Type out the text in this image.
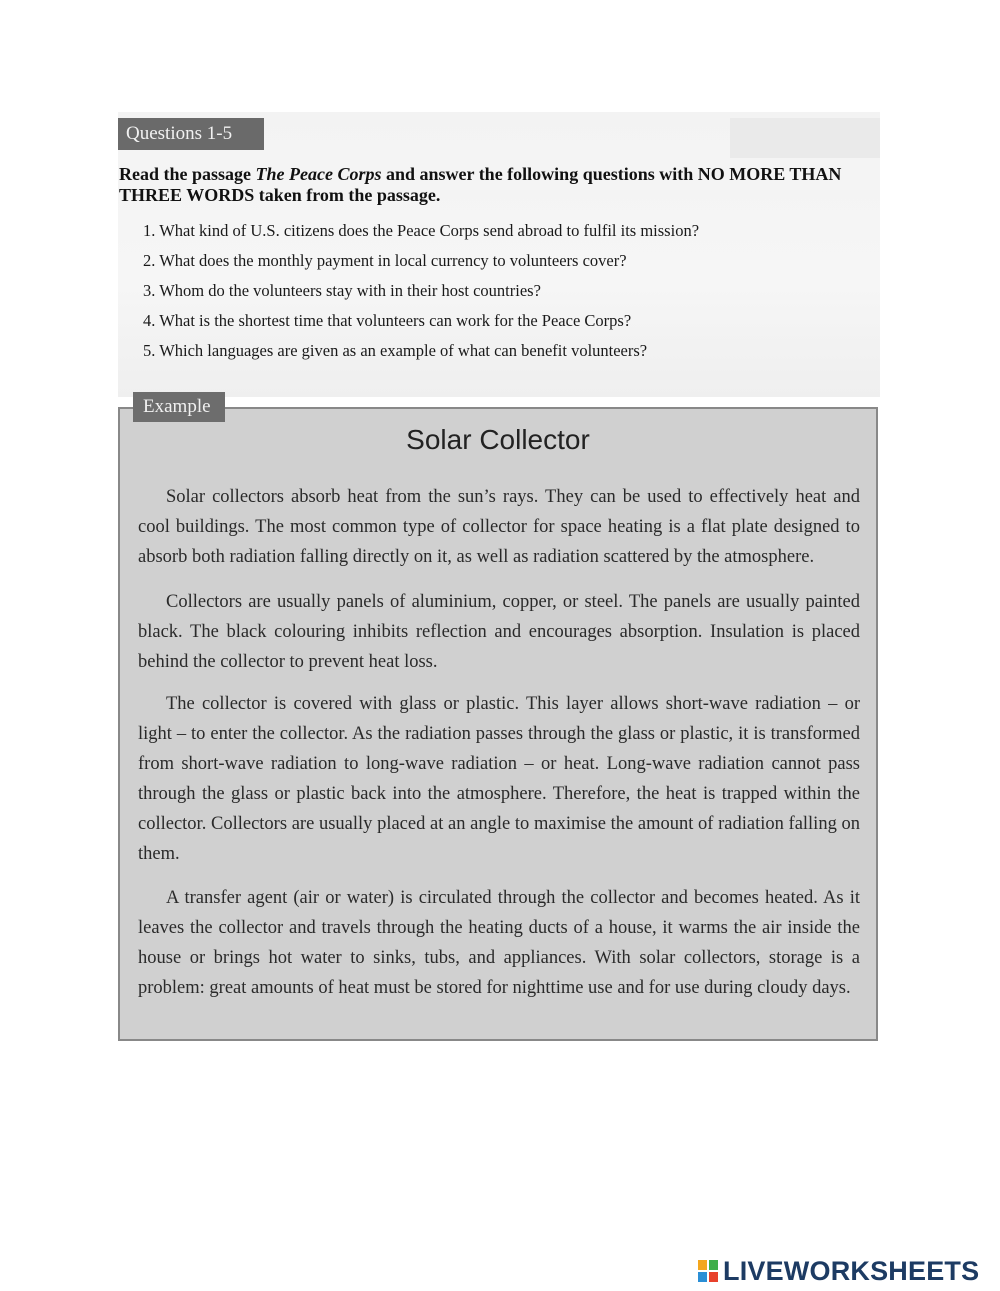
Questions 1-5
Read the passage The Peace Corps and answer the following questions with NO MORE THAN THREE WORDS taken from the passage.
1. What kind of U.S. citizens does the Peace Corps send abroad to fulfil its mission?
2. What does the monthly payment in local currency to volunteers cover?
3. Whom do the volunteers stay with in their host countries?
4. What is the shortest time that volunteers can work for the Peace Corps?
5. Which languages are given as an example of what can benefit volunteers?
Example
Solar Collector

Solar collectors absorb heat from the sun’s rays. They can be used to effectively heat and cool buildings. The most common type of collector for space heating is a flat plate designed to absorb both radiation falling directly on it, as well as radiation scattered by the atmosphere.

Collectors are usually panels of aluminium, copper, or steel. The panels are usually painted black. The black colouring inhibits reflection and encourages absorption. Insulation is placed behind the collector to prevent heat loss.

The collector is covered with glass or plastic. This layer allows short-wave radiation – or light – to enter the collector. As the radiation passes through the glass or plastic, it is transformed from short-wave radiation to long-wave radiation – or heat. Long-wave radiation cannot pass through the glass or plastic back into the atmosphere. Therefore, the heat is trapped within the collector. Collectors are usually placed at an angle to maximise the amount of radiation falling on them.

A transfer agent (air or water) is circulated through the collector and becomes heated. As it leaves the collector and travels through the heating ducts of a house, it warms the air inside the house or brings hot water to sinks, tubs, and appliances. With solar collectors, storage is a problem: great amounts of heat must be stored for nighttime use and for use during cloudy days.

LIVEWORKSHEETS
